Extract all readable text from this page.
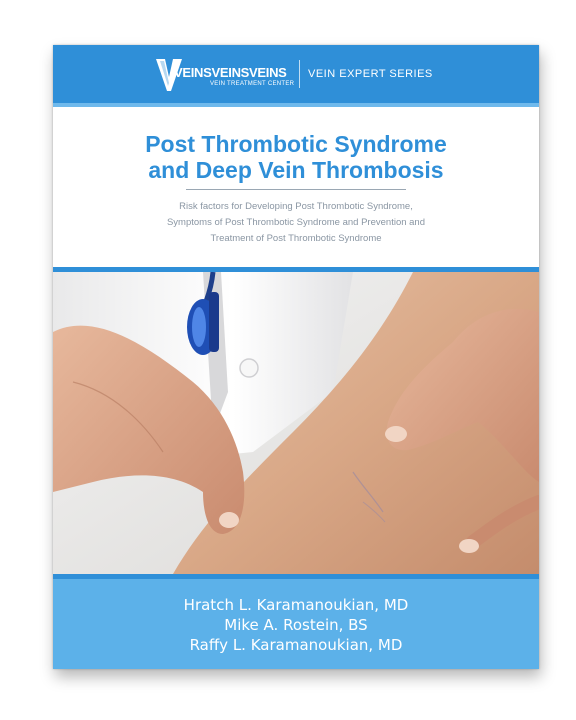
VEINSVEINSVEINS
VEIN TREATMENT CENTER
VEIN EXPERT SERIES
Post Thrombotic Syndrome
and Deep Vein Thrombosis
Risk factors for Developing Post Thrombotic Syndrome,
Symptoms of Post Thrombotic Syndrome and Prevention and
Treatment of Post Thrombotic Syndrome
Hratch L. Karamanoukian, MD
Mike A. Rostein, BS
Raffy L. Karamanoukian, MD
